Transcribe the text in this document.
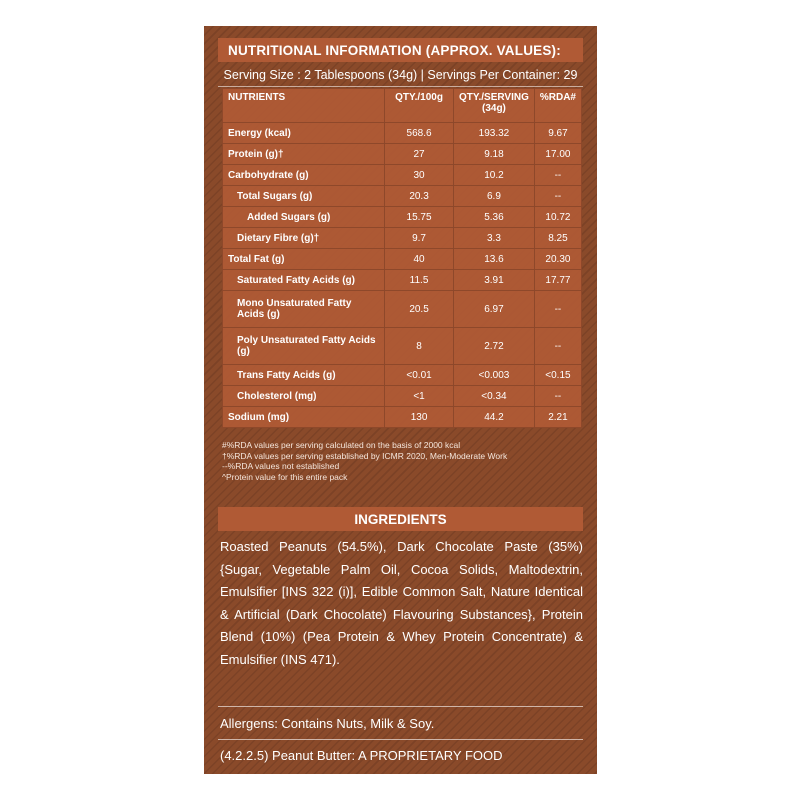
NUTRITIONAL INFORMATION (APPROX. VALUES):
Serving Size : 2 Tablespoons (34g) | Servings Per Container: 29
NUTRIENTS	QTY./100g	QTY./SERVING (34g)	%RDA#
Energy (kcal)	568.6	193.32	9.67
Protein (g)†	27	9.18	17.00
Carbohydrate (g)	30	10.2	--
Total Sugars (g)	20.3	6.9	--
Added Sugars (g)	15.75	5.36	10.72
Dietary Fibre (g)†	9.7	3.3	8.25
Total Fat (g)	40	13.6	20.30
Saturated Fatty Acids (g)	11.5	3.91	17.77
Mono Unsaturated Fatty Acids (g)	20.5	6.97	--
Poly Unsaturated Fatty Acids (g)	8	2.72	--
Trans Fatty Acids (g)	<0.01	<0.003	<0.15
Cholesterol (mg)	<1	<0.34	--
Sodium (mg)	130	44.2	2.21
#%RDA values per serving calculated on the basis of 2000 kcal
†%RDA values per serving established by ICMR 2020, Men-Moderate Work
--%RDA values not established
^Protein value for this entire pack
INGREDIENTS
Roasted Peanuts (54.5%), Dark Chocolate Paste (35%) {Sugar, Vegetable Palm Oil, Cocoa Solids, Maltodextrin, Emulsifier [INS 322 (i)], Edible Common Salt, Nature Identical & Artificial (Dark Chocolate) Flavouring Substances}, Protein Blend (10%) (Pea Protein & Whey Protein Concentrate) & Emulsifier (INS 471).
Allergens: Contains Nuts, Milk & Soy.
(4.2.2.5) Peanut Butter: A PROPRIETARY FOOD
